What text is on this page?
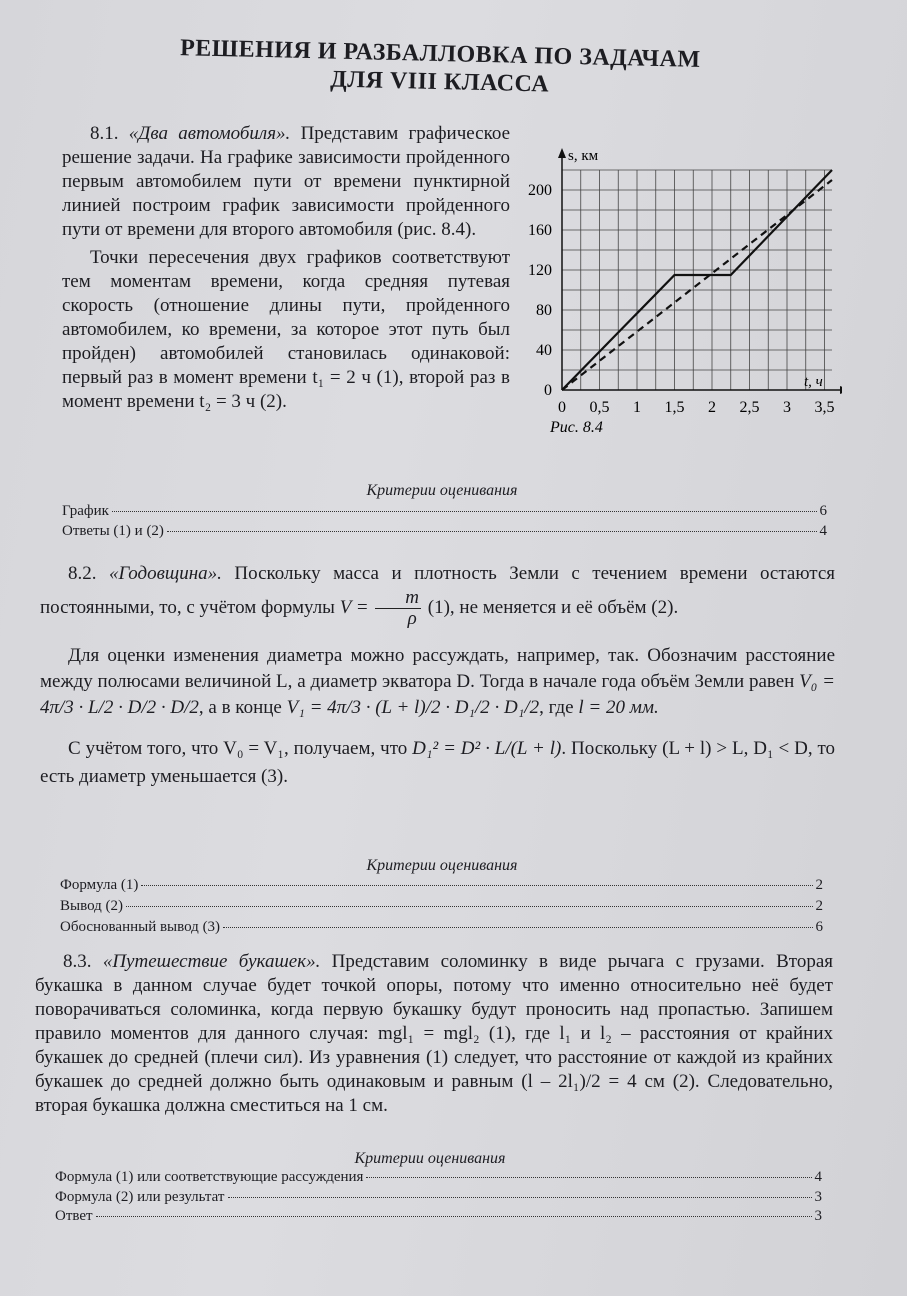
РЕШЕНИЯ И РАЗБАЛЛОВКА ПО ЗАДАЧАМ
ДЛЯ VIII КЛАССА

8.1. «Два автомобиля». Представим графическое решение задачи. На графике зависимости пройденного первым автомобилем пути от времени пунктирной линией построим график зависимости пройденного пути от времени для второго автомобиля (рис. 8.4).

Точки пересечения двух графиков соответствуют тем моментам времени, когда средняя путевая скорость (отношение длины пути, пройденного автомобилем, ко времени, за которое этот путь был пройден) автомобилей становилась одинаковой: первый раз в момент времени t₁ = 2 ч (1), второй раз в момент времени t₂ = 3 ч (2).

s, км
t, ч
0
40
80
120
160
200
0 0,5 1 1,5 2 2,5 3 3,5
Рис. 8.4
Критерии оценивания
График	6
Ответы (1) и (2)	4

8.2. «Годовщина». Поскольку масса и плотность Земли с течением времени остаются постоянными, то, с учётом формулы $V = \frac{m}{\rho} (1)$, не меняется и её объём (2).

Для оценки изменения диаметра можно рассуждать, например, так. Обозначим расстояние между полюсами величиной L, а диаметр экватора D. Тогда в начале года объём Земли равен V₀ = 4π/3 · L/2 · D/2 · D/2, а в конце V₁ = 4π/3 · (L + l)/2 · D₁/2 · D₁/2, где l = 20 мм.

С учётом того, что V₀ = V₁, получаем, что D₁² = D² · L/(L + l). Поскольку (L + l) > L, D₁ < D, то есть диаметр уменьшается (3).

Критерии оценивания
Формула (1)	2
Вывод (2)	2
Обоснованный вывод (3)	6

8.3. «Путешествие букашек». Представим соломинку в виде рычага с грузами. Вторая букашка в данном случае будет точкой опоры, потому что именно относительно неё будет поворачиваться соломинка, когда первую букашку будут проносить над пропастью. Запишем правило моментов для данного случая: mgl₁ = mgl₂ (1), где l₁ и l₂ – расстояния от крайних букашек до средней (плечи сил). Из уравнения (1) следует, что расстояние от каждой из крайних букашек до средней должно быть одинаковым и равным (l – 2l₁)/2 = 4 см (2). Следовательно, вторая букашка должна сместиться на 1 см.

Критерии оценивания
Формула (1) или соответствующие рассуждения	4
Формула (2) или результат	3
Ответ	3
